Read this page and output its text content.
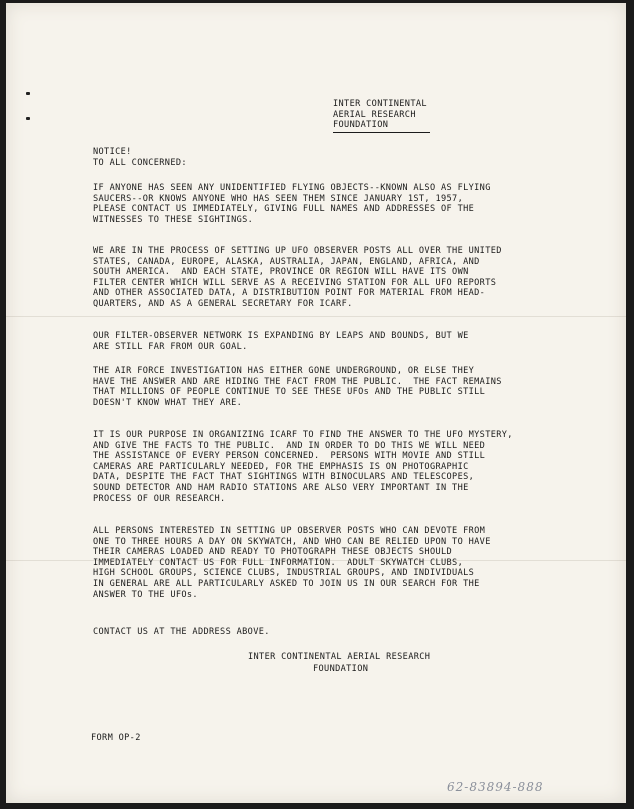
INTER CONTINENTAL
AERIAL RESEARCH
FOUNDATION
NOTICE!
TO ALL CONCERNED:
IF ANYONE HAS SEEN ANY UNIDENTIFIED FLYING OBJECTS--KNOWN ALSO AS FLYING
SAUCERS--OR KNOWS ANYONE WHO HAS SEEN THEM SINCE JANUARY 1ST, 1957,
PLEASE CONTACT US IMMEDIATELY, GIVING FULL NAMES AND ADDRESSES OF THE
WITNESSES TO THESE SIGHTINGS.
WE ARE IN THE PROCESS OF SETTING UP UFO OBSERVER POSTS ALL OVER THE UNITED
STATES, CANADA, EUROPE, ALASKA, AUSTRALIA, JAPAN, ENGLAND, AFRICA, AND
SOUTH AMERICA.  AND EACH STATE, PROVINCE OR REGION WILL HAVE ITS OWN
FILTER CENTER WHICH WILL SERVE AS A RECEIVING STATION FOR ALL UFO REPORTS
AND OTHER ASSOCIATED DATA, A DISTRIBUTION POINT FOR MATERIAL FROM HEAD-
QUARTERS, AND AS A GENERAL SECRETARY FOR ICARF.
OUR FILTER-OBSERVER NETWORK IS EXPANDING BY LEAPS AND BOUNDS, BUT WE
ARE STILL FAR FROM OUR GOAL.
THE AIR FORCE INVESTIGATION HAS EITHER GONE UNDERGROUND, OR ELSE THEY
HAVE THE ANSWER AND ARE HIDING THE FACT FROM THE PUBLIC.  THE FACT REMAINS
THAT MILLIONS OF PEOPLE CONTINUE TO SEE THESE UFOs AND THE PUBLIC STILL
DOESN'T KNOW WHAT THEY ARE.
IT IS OUR PURPOSE IN ORGANIZING ICARF TO FIND THE ANSWER TO THE UFO MYSTERY,
AND GIVE THE FACTS TO THE PUBLIC.  AND IN ORDER TO DO THIS WE WILL NEED
THE ASSISTANCE OF EVERY PERSON CONCERNED.  PERSONS WITH MOVIE AND STILL
CAMERAS ARE PARTICULARLY NEEDED, FOR THE EMPHASIS IS ON PHOTOGRAPHIC
DATA, DESPITE THE FACT THAT SIGHTINGS WITH BINOCULARS AND TELESCOPES,
SOUND DETECTOR AND HAM RADIO STATIONS ARE ALSO VERY IMPORTANT IN THE
PROCESS OF OUR RESEARCH.
ALL PERSONS INTERESTED IN SETTING UP OBSERVER POSTS WHO CAN DEVOTE FROM
ONE TO THREE HOURS A DAY ON SKYWATCH, AND WHO CAN BE RELIED UPON TO HAVE
THEIR CAMERAS LOADED AND READY TO PHOTOGRAPH THESE OBJECTS SHOULD
IMMEDIATELY CONTACT US FOR FULL INFORMATION.  ADULT SKYWATCH CLUBS,
HIGH SCHOOL GROUPS, SCIENCE CLUBS, INDUSTRIAL GROUPS, AND INDIVIDUALS
IN GENERAL ARE ALL PARTICULARLY ASKED TO JOIN US IN OUR SEARCH FOR THE
ANSWER TO THE UFOs.
CONTACT US AT THE ADDRESS ABOVE.
INTER CONTINENTAL AERIAL RESEARCH
FOUNDATION
FORM OP-2
62-83894-888
